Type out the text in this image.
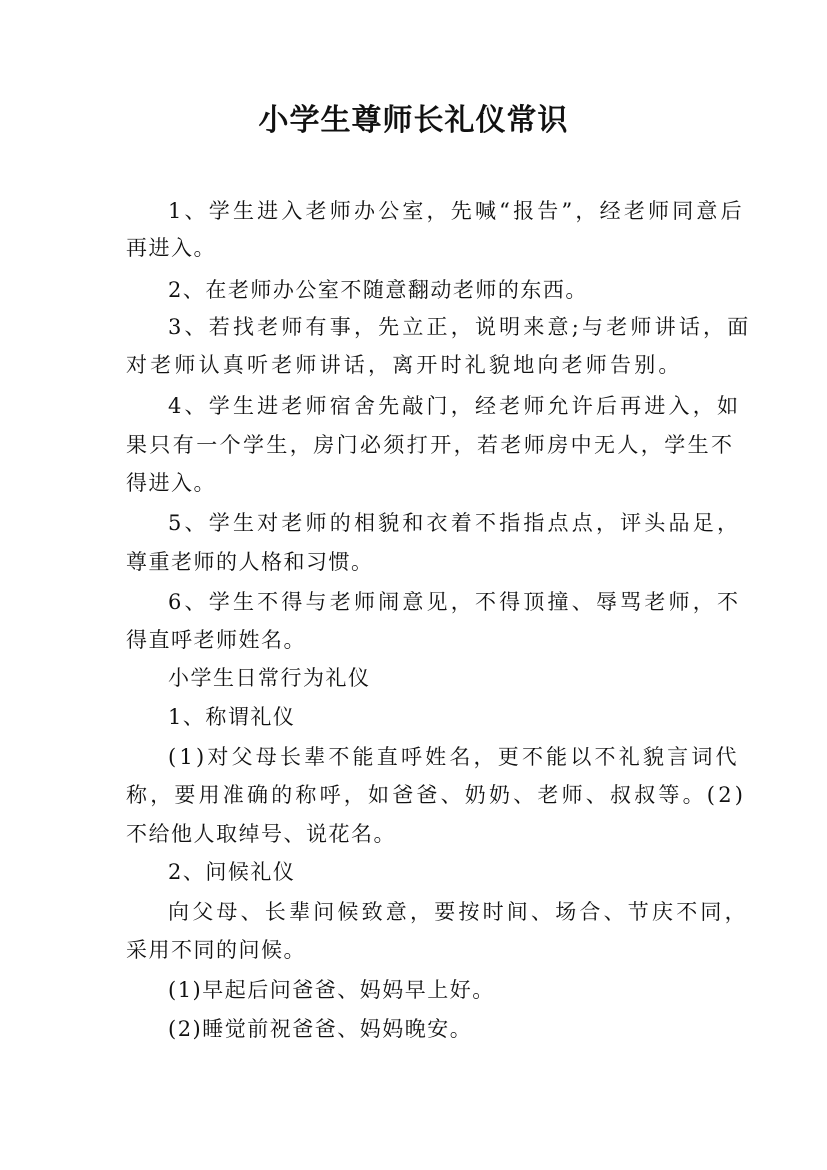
小学生尊师长礼仪常识
1、学生进入老师办公室，先喊“报告”，经老师同意后
再进入。
2、在老师办公室不随意翻动老师的东西。
3、若找老师有事，先立正，说明来意;与老师讲话，面
对老师认真听老师讲话，离开时礼貌地向老师告别。
4、学生进老师宿舍先敲门，经老师允许后再进入，如
果只有一个学生，房门必须打开，若老师房中无人，学生不
得进入。
5、学生对老师的相貌和衣着不指指点点，评头品足，
尊重老师的人格和习惯。
6、学生不得与老师闹意见，不得顶撞、辱骂老师，不
得直呼老师姓名。
小学生日常行为礼仪
1、称谓礼仪
(1)对父母长辈不能直呼姓名，更不能以不礼貌言词代
称，要用准确的称呼，如爸爸、奶奶、老师、叔叔等。(2)
不给他人取绰号、说花名。
2、问候礼仪
向父母、长辈问候致意，要按时间、场合、节庆不同，
采用不同的问候。
(1)早起后问爸爸、妈妈早上好。
(2)睡觉前祝爸爸、妈妈晚安。
